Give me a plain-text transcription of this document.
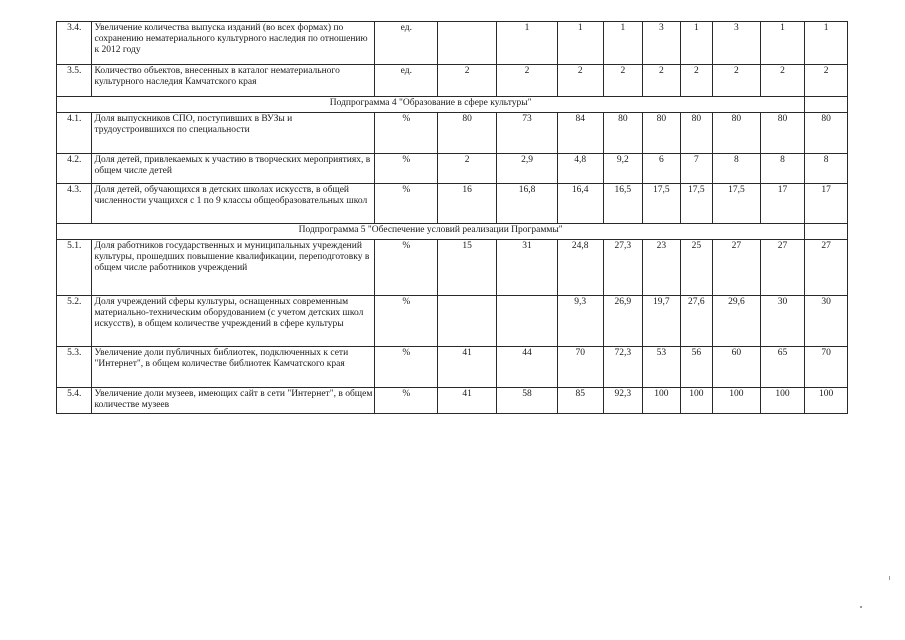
3.4.	Увеличение количества выпуска изданий (во всех формах) по сохранению нематериального культурного наследия по отношению к 2012 году	ед.		1	1	1	3	1	3	1	1
3.5.	Количество объектов, внесенных в каталог нематериального культурного наследия Камчатского края	ед.	2	2	2	2	2	2	2	2	2
Подпрограмма 4 "Образование в сфере культуры"											
4.1.	Доля выпускников СПО, поступивших в ВУЗы и трудоустроившихся по специальности	%	80	73	84	80	80	80	80	80	80
4.2.	Доля детей, привлекаемых к участию в творческих мероприятиях, в общем числе детей	%	2	2,9	4,8	9,2	6	7	8	8	8
4.3.	Доля детей, обучающихся в детских школах искусств, в общей численности учащихся с 1 по 9 классы общеобразовательных школ	%	16	16,8	16,4	16,5	17,5	17,5	17,5	17	17
Подпрограмма 5 "Обеспечение условий реализации Программы"											
5.1.	Доля работников государственных и муниципальных учреждений культуры, прошедших повышение квалификации, переподготовку в общем числе работников учреждений	%	15	31	24,8	27,3	23	25	27	27	27
5.2.	Доля учреждений сферы культуры, оснащенных современным материально-техническим оборудованием (с учетом детских школ искусств), в общем количестве учреждений в сфере культуры	%			9,3	26,9	19,7	27,6	29,6	30	30
5.3.	Увеличение доли публичных библиотек, подключенных к сети "Интернет", в общем количестве библиотек Камчатского края	%	41	44	70	72,3	53	56	60	65	70
5.4.	Увеличение доли музеев, имеющих сайт в сети "Интернет", в общем количестве музеев	%	41	58	85	92,3	100	100	100	100	100
